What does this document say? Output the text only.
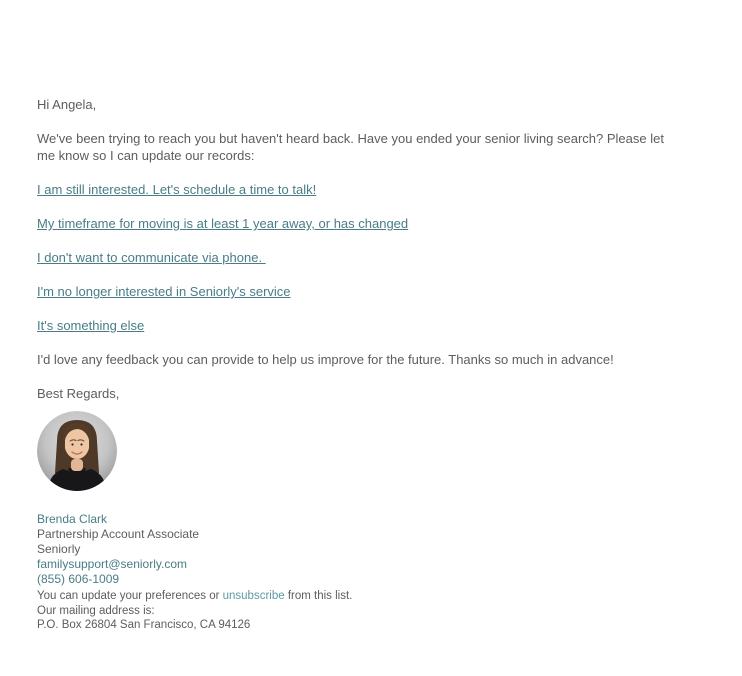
Hi Angela,

We've been trying to reach you but haven't heard back. Have you ended your senior living search? Please let me know so I can update our records:

I am still interested. Let's schedule a time to talk!

My timeframe for moving is at least 1 year away, or has changed

I don't want to communicate via phone.

I'm no longer interested in Seniorly's service

It's something else

I'd love any feedback you can provide to help us improve for the future. Thanks so much in advance!

Best Regards,

Brenda Clark
Partnership Account Associate
Seniorly
familysupport@seniorly.com
(855) 606-1009
You can update your preferences or unsubscribe from this list.
Our mailing address is:
P.O. Box 26804 San Francisco, CA 94126
